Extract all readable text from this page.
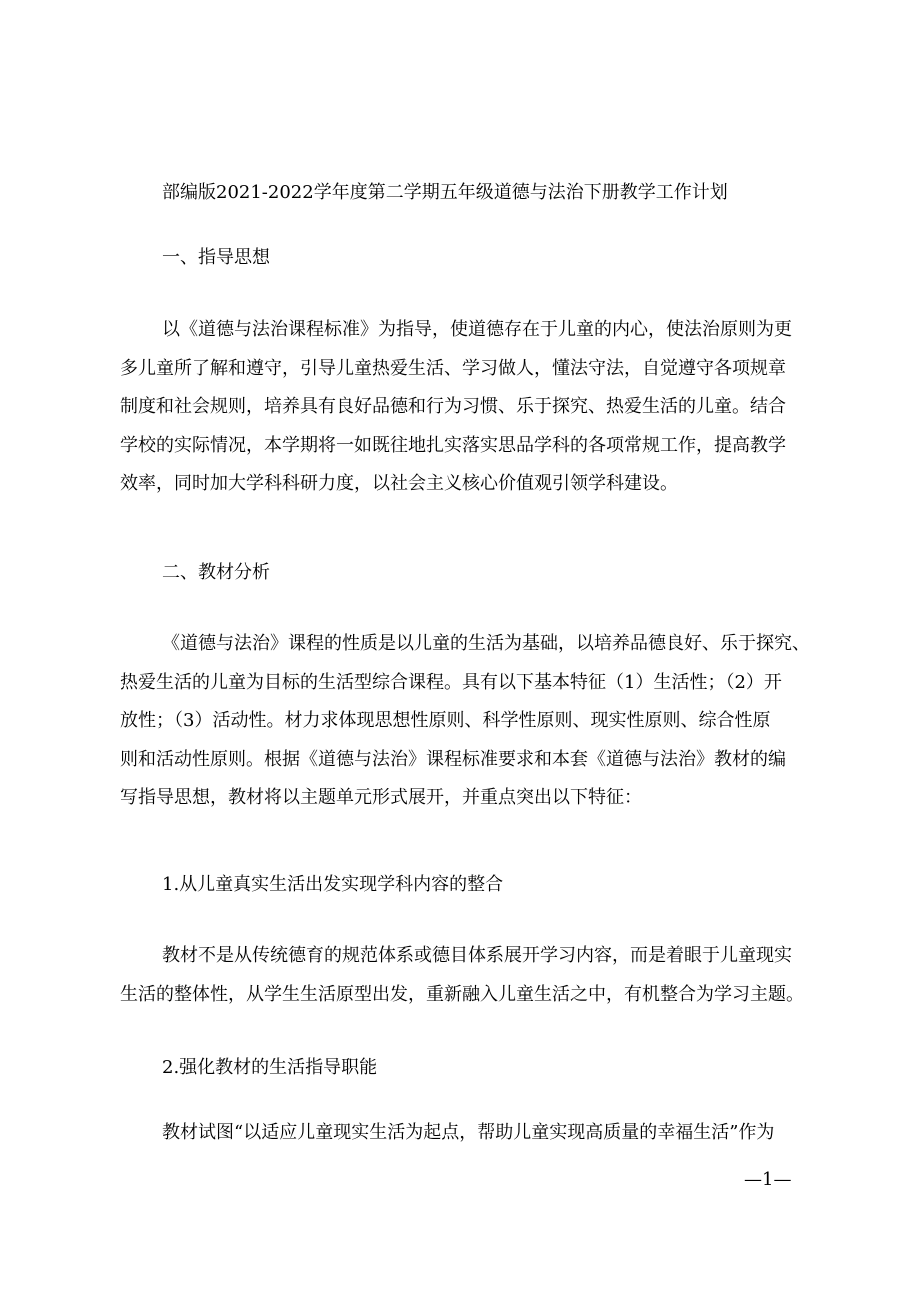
部编版2021-2022学年度第二学期五年级道德与法治下册教学工作计划
一、指导思想
以《道德与法治课程标准》为指导，使道德存在于儿童的内心，使法治原则为更
多儿童所了解和遵守，引导儿童热爱生活、学习做人，懂法守法，自觉遵守各项规章
制度和社会规则，培养具有良好品德和行为习惯、乐于探究、热爱生活的儿童。结合
学校的实际情况，本学期将一如既往地扎实落实思品学科的各项常规工作，提高教学
效率，同时加大学科科研力度，以社会主义核心价值观引领学科建设。
二、教材分析
《道德与法治》课程的性质是以儿童的生活为基础，以培养品德良好、乐于探究、
热爱生活的儿童为目标的生活型综合课程。具有以下基本特征（1）生活性；（2）开
放性；（3）活动性。材力求体现思想性原则、科学性原则、现实性原则、综合性原
则和活动性原则。根据《道德与法治》课程标准要求和本套《道德与法治》教材的编
写指导思想，教材将以主题单元形式展开，并重点突出以下特征：
1.从儿童真实生活出发实现学科内容的整合
教材不是从传统德育的规范体系或德目体系展开学习内容，而是着眼于儿童现实
生活的整体性，从学生生活原型出发，重新融入儿童生活之中，有机整合为学习主题。
2.强化教材的生活指导职能
教材试图“以适应儿童现实生活为起点，帮助儿童实现高质量的幸福生活”作为
—1—
